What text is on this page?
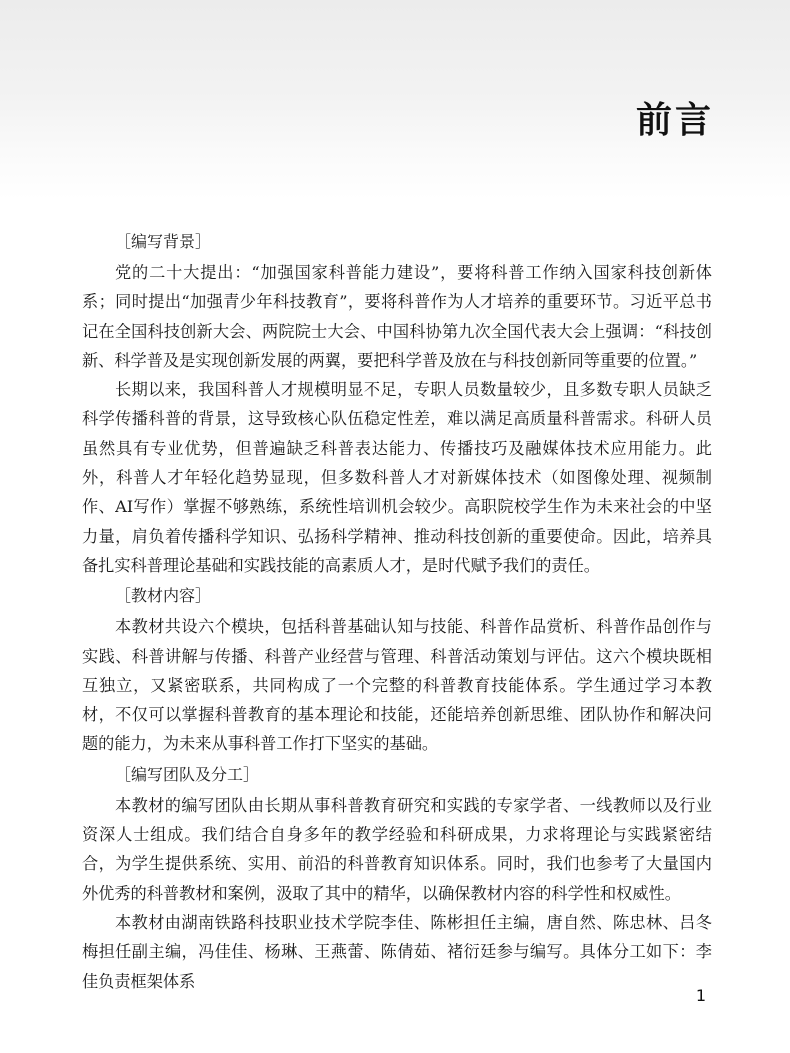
前言

［编写背景］

党的二十大提出：“加强国家科普能力建设”，要将科普工作纳入国家科技创新体系；同时提出“加强青少年科技教育”，要将科普作为人才培养的重要环节。习近平总书记在全国科技创新大会、两院院士大会、中国科协第九次全国代表大会上强调：“科技创新、科学普及是实现创新发展的两翼，要把科学普及放在与科技创新同等重要的位置。”

长期以来，我国科普人才规模明显不足，专职人员数量较少，且多数专职人员缺乏科学传播科普的背景，这导致核心队伍稳定性差，难以满足高质量科普需求。科研人员虽然具有专业优势，但普遍缺乏科普表达能力、传播技巧及融媒体技术应用能力。此外，科普人才年轻化趋势显现，但多数科普人才对新媒体技术（如图像处理、视频制作、AI写作）掌握不够熟练，系统性培训机会较少。高职院校学生作为未来社会的中坚力量，肩负着传播科学知识、弘扬科学精神、推动科技创新的重要使命。因此，培养具备扎实科普理论基础和实践技能的高素质人才，是时代赋予我们的责任。

［教材内容］

本教材共设六个模块，包括科普基础认知与技能、科普作品赏析、科普作品创作与实践、科普讲解与传播、科普产业经营与管理、科普活动策划与评估。这六个模块既相互独立，又紧密联系，共同构成了一个完整的科普教育技能体系。学生通过学习本教材，不仅可以掌握科普教育的基本理论和技能，还能培养创新思维、团队协作和解决问题的能力，为未来从事科普工作打下坚实的基础。

［编写团队及分工］

本教材的编写团队由长期从事科普教育研究和实践的专家学者、一线教师以及行业资深人士组成。我们结合自身多年的教学经验和科研成果，力求将理论与实践紧密结合，为学生提供系统、实用、前沿的科普教育知识体系。同时，我们也参考了大量国内外优秀的科普教材和案例，汲取了其中的精华，以确保教材内容的科学性和权威性。

本教材由湖南铁路科技职业技术学院李佳、陈彬担任主编，唐自然、陈忠林、吕冬梅担任副主编，冯佳佳、杨琳、王燕蕾、陈倩茹、褚衍廷参与编写。具体分工如下：李佳负责框架体系

1
